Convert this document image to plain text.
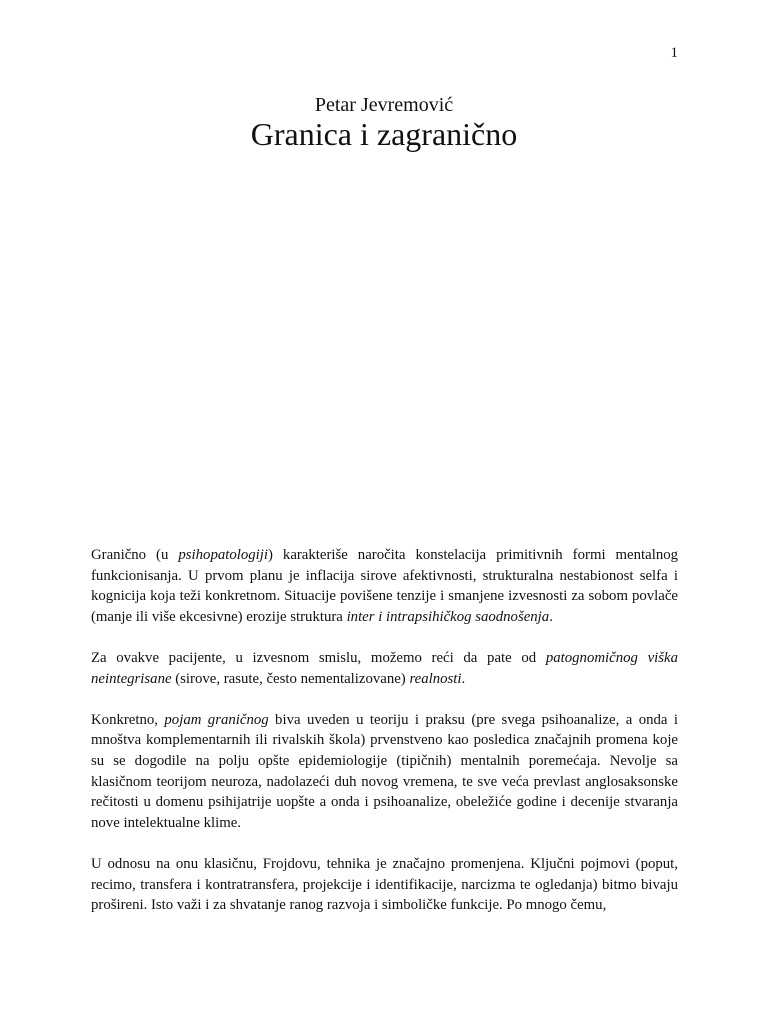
1
Petar Jevremović
Granica i zagranično

Granično (u psihopatologiji) karakteriše naročita konstelacija primitivnih formi mentalnog funkcionisanja. U prvom planu je inflacija sirove afektivnosti, strukturalna nestabionost selfa i kognicija koja teži konkretnom. Situacije povišene tenzije i smanjene izvesnosti za sobom povlače (manje ili više ekcesivne) erozije struktura inter i intrapsihičkog saodnošenja.

Za ovakve pacijente, u izvesnom smislu, možemo reći da pate od patognomičnog viška neintegrisane (sirove, rasute, često nementalizovane) realnosti.

Konkretno, pojam graničnog biva uveden u teoriju i praksu (pre svega psihoanalize, a onda i mnoštva komplementarnih ili rivalskih škola) prvenstveno kao posledica značajnih promena koje su se dogodile na polju opšte epidemiologije (tipičnih) mentalnih poremećaja. Nevolje sa klasičnom teorijom neuroza, nadolazeći duh novog vremena, te sve veća prevlast anglosaksonske rečitosti u domenu psihijatrije uopšte a onda i psihoanalize, obeležiće godine i decenije stvaranja nove intelektualne klime.

U odnosu na onu klasičnu, Frojdovu, tehnika je značajno promenjena. Ključni pojmovi (poput, recimo, transfera i kontratransfera, projekcije i identifikacije, narcizma te ogledanja) bitmo bivaju prošireni. Isto važi i za shvatanje ranog razvoja i simboličke funkcije. Po mnogo čemu,
